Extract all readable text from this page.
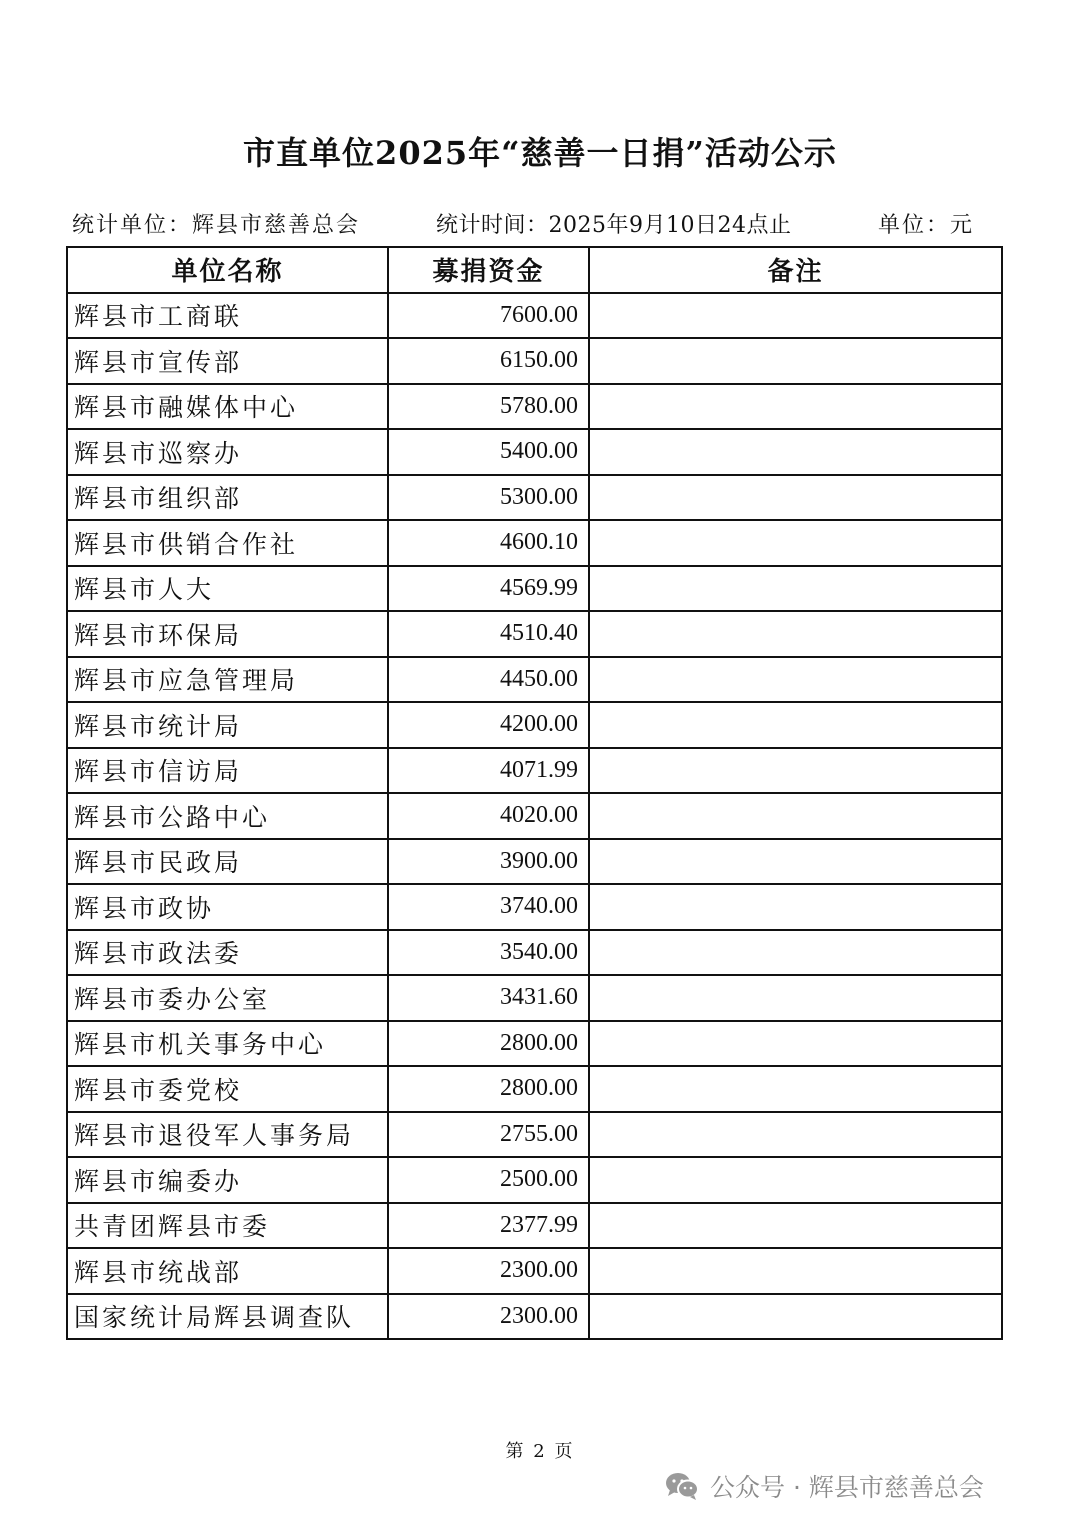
市直单位2025年“慈善一日捐”活动公示
统计单位：辉县市慈善总会	统计时间：2025年9月10日24点止	单位：元
单位名称	募捐资金	备注
辉县市工商联	7600.00	
辉县市宣传部	6150.00	
辉县市融媒体中心	5780.00	
辉县市巡察办	5400.00	
辉县市组织部	5300.00	
辉县市供销合作社	4600.10	
辉县市人大	4569.99	
辉县市环保局	4510.40	
辉县市应急管理局	4450.00	
辉县市统计局	4200.00	
辉县市信访局	4071.99	
辉县市公路中心	4020.00	
辉县市民政局	3900.00	
辉县市政协	3740.00	
辉县市政法委	3540.00	
辉县市委办公室	3431.60	
辉县市机关事务中心	2800.00	
辉县市委党校	2800.00	
辉县市退役军人事务局	2755.00	
辉县市编委办	2500.00	
共青团辉县市委	2377.99	
辉县市统战部	2300.00	
国家统计局辉县调查队	2300.00	
第 2 页
公众号 · 辉县市慈善总会
